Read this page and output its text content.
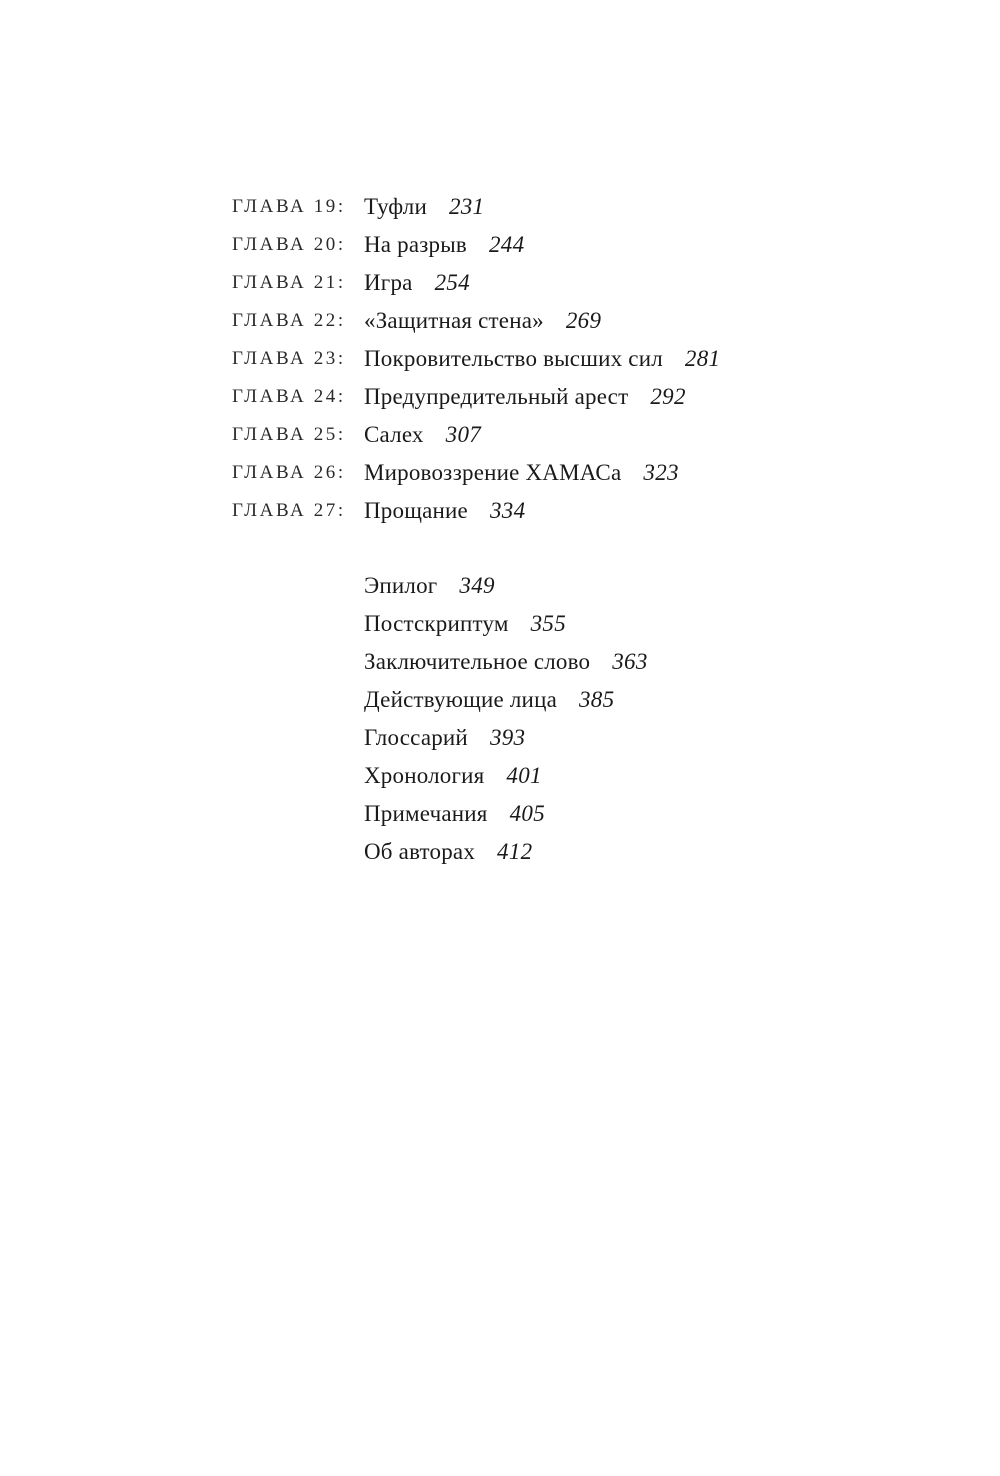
ГЛАВА 19: Туфли 231
ГЛАВА 20: На разрыв 244
ГЛАВА 21: Игра 254
ГЛАВА 22: «Защитная стена» 269
ГЛАВА 23: Покровительство высших сил 281
ГЛАВА 24: Предупредительный арест 292
ГЛАВА 25: Салех 307
ГЛАВА 26: Мировоззрение ХАМАСа 323
ГЛАВА 27: Прощание 334
Эпилог 349
Постскриптум 355
Заключительное слово 363
Действующие лица 385
Глоссарий 393
Хронология 401
Примечания 405
Об авторах 412
